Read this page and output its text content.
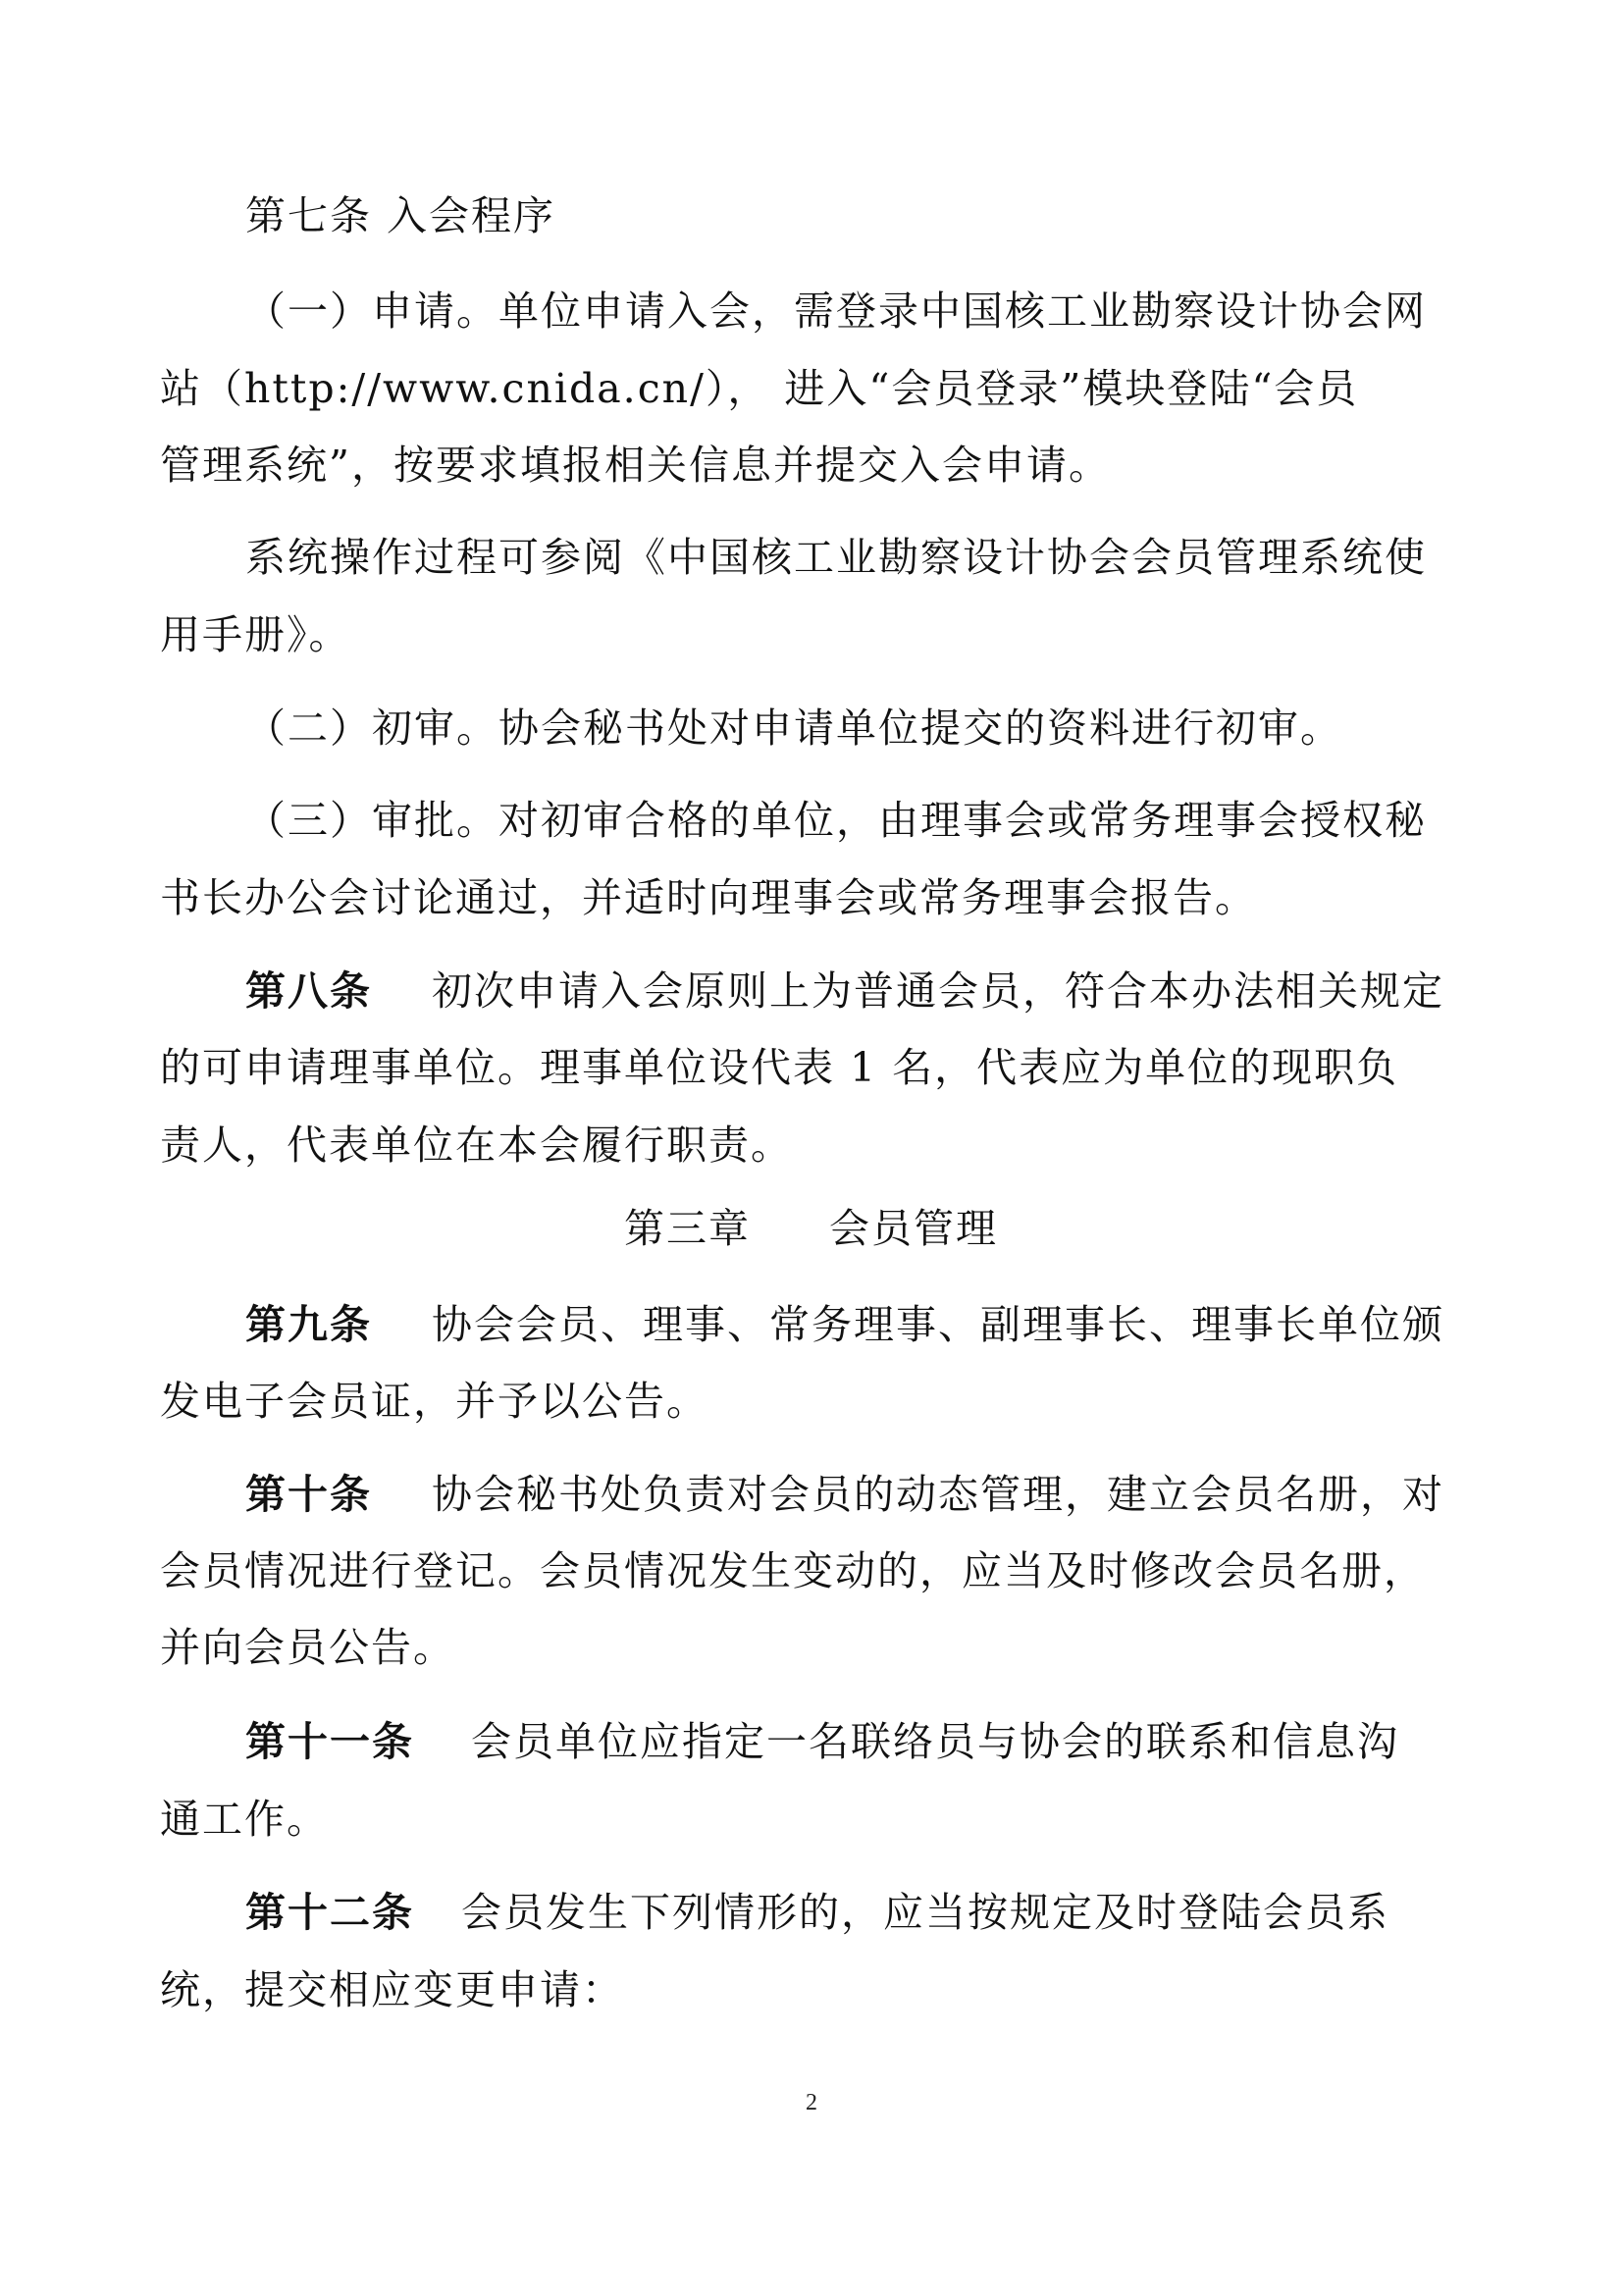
第七条 入会程序
（一）申请。单位申请入会，需登录中国核工业勘察设计协会网
站（http://www.cnida.cn/）， 进入“会员登录”模块登陆“会员
管理系统”，按要求填报相关信息并提交入会申请。
系统操作过程可参阅《中国核工业勘察设计协会会员管理系统使
用手册》。
（二）初审。协会秘书处对申请单位提交的资料进行初审。
（三）审批。对初审合格的单位，由理事会或常务理事会授权秘
书长办公会讨论通过，并适时向理事会或常务理事会报告。
第八条 初次申请入会原则上为普通会员，符合本办法相关规定
的可申请理事单位。理事单位设代表 1 名，代表应为单位的现职负
责人，代表单位在本会履行职责。
第三章 会员管理
第九条 协会会员、理事、常务理事、副理事长、理事长单位颁
发电子会员证，并予以公告。
第十条 协会秘书处负责对会员的动态管理，建立会员名册，对
会员情况进行登记。会员情况发生变动的，应当及时修改会员名册，
并向会员公告。
第十一条 会员单位应指定一名联络员与协会的联系和信息沟
通工作。
第十二条 会员发生下列情形的，应当按规定及时登陆会员系
统，提交相应变更申请：
2
